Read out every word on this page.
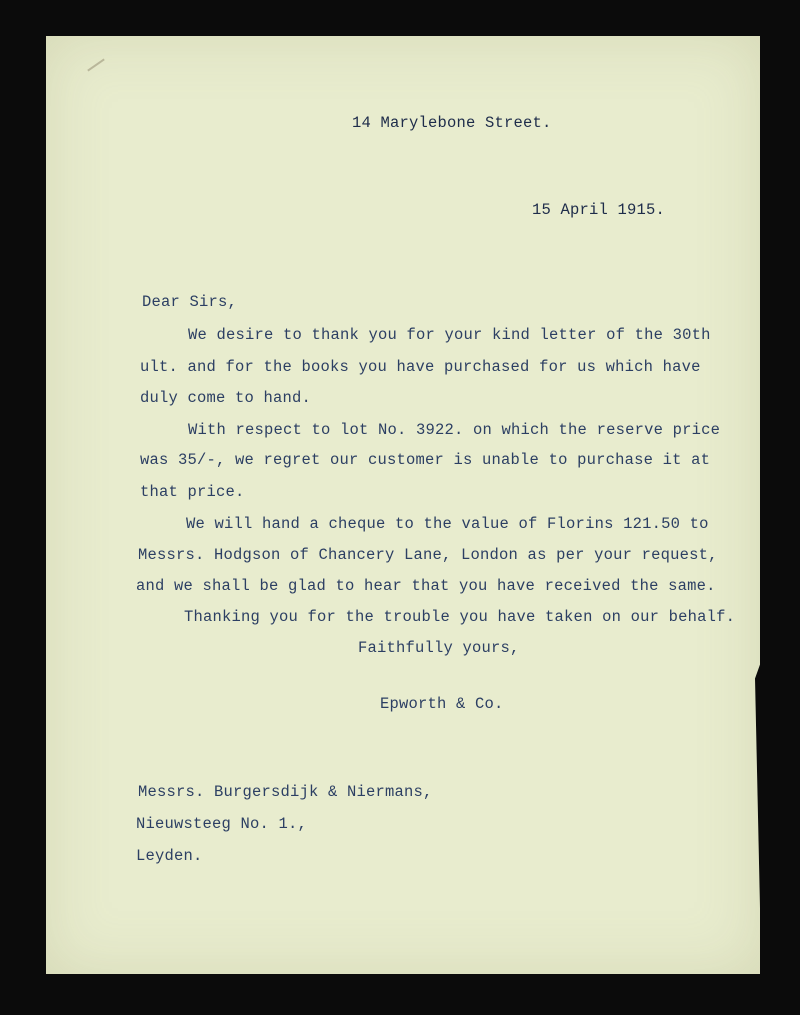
14 Marylebone Street.

15 April 1915.

Dear Sirs,

We desire to thank you for your kind letter of the 30th

ult. and for the books you have purchased for us which have

duly come to hand.

With respect to lot No. 3922. on which the reserve price

was 35/-, we regret our customer is unable to purchase it at

that price.

We will hand a cheque to the value of Florins 121.50 to

Messrs. Hodgson of Chancery Lane, London as per your request,

and we shall be glad to hear that you have received the same.

Thanking you for the trouble you have taken on our behalf.

Faithfully yours,

Epworth & Co.

Messrs. Burgersdijk & Niermans,

Nieuwsteeg No. 1.,

Leyden.
